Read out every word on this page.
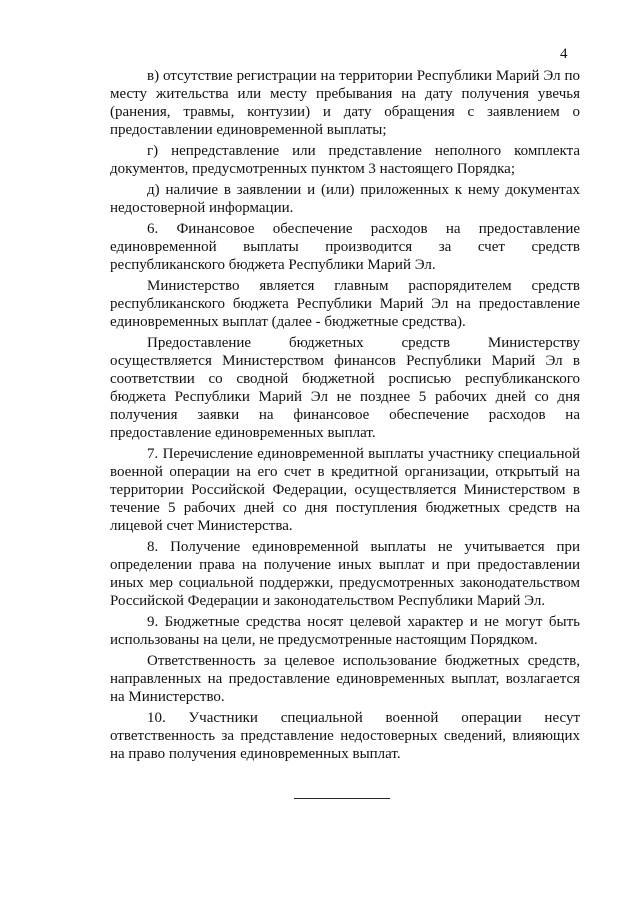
4

в) отсутствие регистрации на территории Республики Марий Эл по месту жительства или месту пребывания на дату получения увечья (ранения, травмы, контузии) и дату обращения с заявлением о предоставлении единовременной выплаты;

г) непредставление или представление неполного комплекта документов, предусмотренных пунктом 3 настоящего Порядка;

д) наличие в заявлении и (или) приложенных к нему документах недостоверной информации.

6. Финансовое обеспечение расходов на предоставление единовременной выплаты производится за счет средств республиканского бюджета Республики Марий Эл.

Министерство является главным распорядителем средств республиканского бюджета Республики Марий Эл на предоставление единовременных выплат (далее - бюджетные средства).

Предоставление бюджетных средств Министерству осуществляется Министерством финансов Республики Марий Эл в соответствии со сводной бюджетной росписью республиканского бюджета Республики Марий Эл не позднее 5 рабочих дней со дня получения заявки на финансовое обеспечение расходов на предоставление единовременных выплат.

7. Перечисление единовременной выплаты участнику специальной военной операции на его счет в кредитной организации, открытый на территории Российской Федерации, осуществляется Министерством в течение 5 рабочих дней со дня поступления бюджетных средств на лицевой счет Министерства.

8. Получение единовременной выплаты не учитывается при определении права на получение иных выплат и при предоставлении иных мер социальной поддержки, предусмотренных законодательством Российской Федерации и законодательством Республики Марий Эл.

9. Бюджетные средства носят целевой характер и не могут быть использованы на цели, не предусмотренные настоящим Порядком.

Ответственность за целевое использование бюджетных средств, направленных на предоставление единовременных выплат, возлагается на Министерство.

10. Участники специальной военной операции несут ответственность за представление недостоверных сведений, влияющих на право получения единовременных выплат.
